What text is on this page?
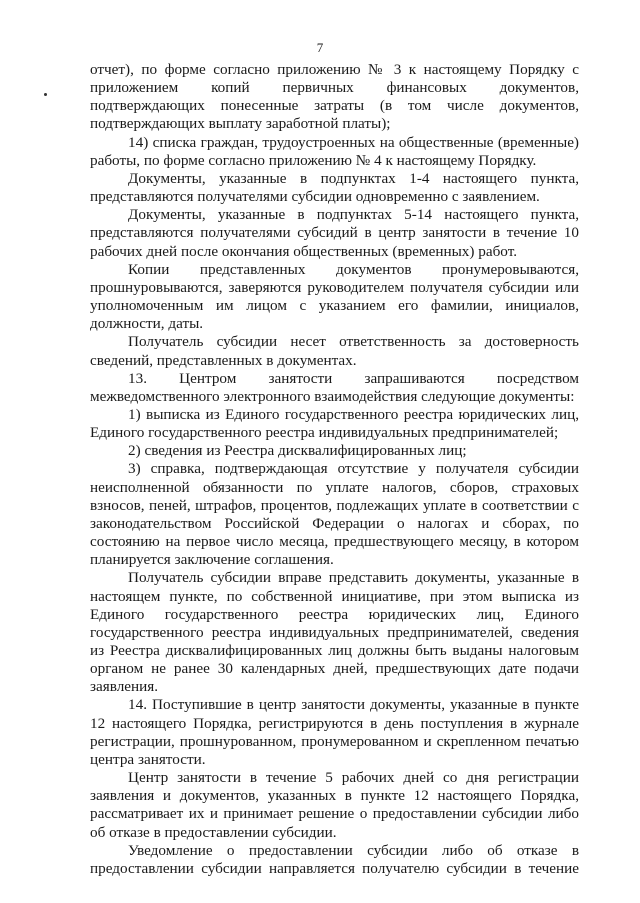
7

отчет), по форме согласно приложению № 3 к настоящему Порядку с приложением копий первичных финансовых документов, подтверждающих понесенные затраты (в том числе документов, подтверждающих выплату заработной платы);

14) списка граждан, трудоустроенных на общественные (временные) работы, по форме согласно приложению № 4 к настоящему Порядку.

Документы, указанные в подпунктах 1-4 настоящего пункта, представляются получателями субсидии одновременно с заявлением.

Документы, указанные в подпунктах 5-14 настоящего пункта, представляются получателями субсидий в центр занятости в течение 10 рабочих дней после окончания общественных (временных) работ.

Копии представленных документов пронумеровываются, прошнуровываются, заверяются руководителем получателя субсидии или уполномоченным им лицом с указанием его фамилии, инициалов, должности, даты.

Получатель субсидии несет ответственность за достоверность сведений, представленных в документах.

13. Центром занятости запрашиваются посредством межведомственного электронного взаимодействия следующие документы:

1) выписка из Единого государственного реестра юридических лиц, Единого государственного реестра индивидуальных предпринимателей;

2) сведения из Реестра дисквалифицированных лиц;

3) справка, подтверждающая отсутствие у получателя субсидии неисполненной обязанности по уплате налогов, сборов, страховых взносов, пеней, штрафов, процентов, подлежащих уплате в соответствии с законодательством Российской Федерации о налогах и сборах, по состоянию на первое число месяца, предшествующего месяцу, в котором планируется заключение соглашения.

Получатель субсидии вправе представить документы, указанные в настоящем пункте, по собственной инициативе, при этом выписка из Единого государственного реестра юридических лиц, Единого государственного реестра индивидуальных предпринимателей, сведения из Реестра дисквалифицированных лиц должны быть выданы налоговым органом не ранее 30 календарных дней, предшествующих дате подачи заявления.

14. Поступившие в центр занятости документы, указанные в пункте 12 настоящего Порядка, регистрируются в день поступления в журнале регистрации, прошнурованном, пронумерованном и скрепленном печатью центра занятости.

Центр занятости в течение 5 рабочих дней со дня регистрации заявления и документов, указанных в пункте 12 настоящего Порядка, рассматривает их и принимает решение о предоставлении субсидии либо об отказе в предоставлении субсидии.

Уведомление о предоставлении субсидии либо об отказе в предоставлении субсидии направляется получателю субсидии в течение
